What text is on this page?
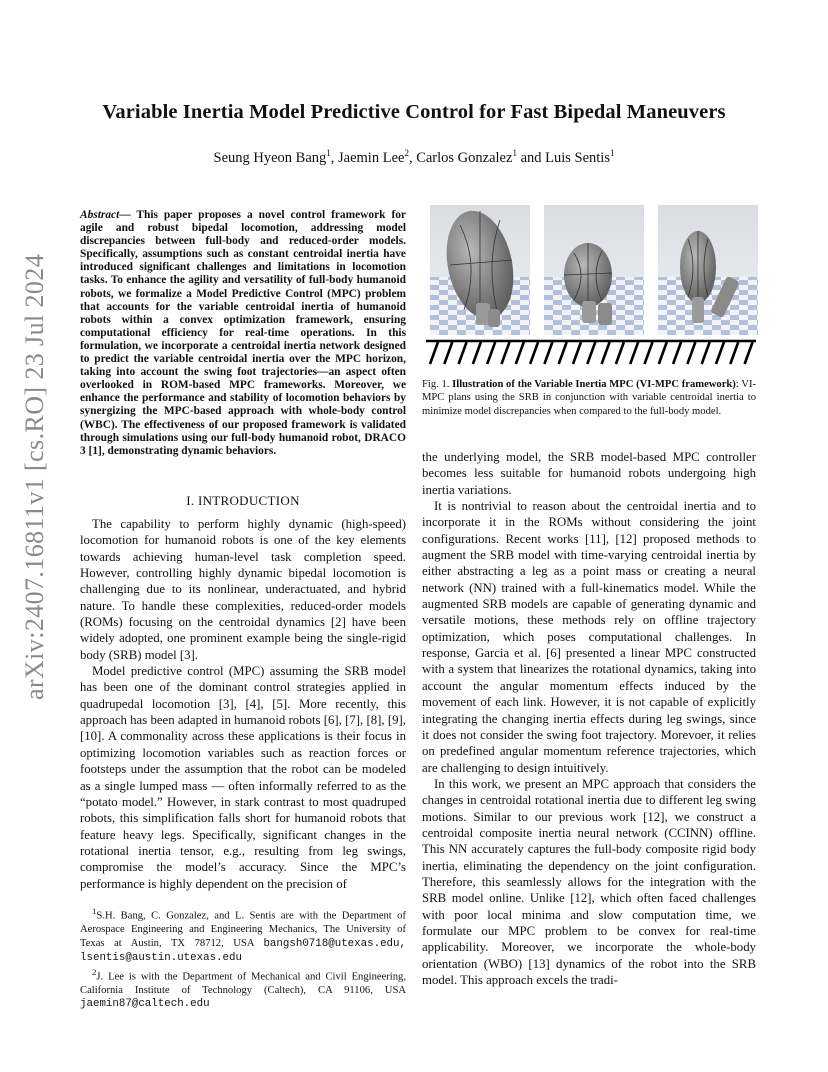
Variable Inertia Model Predictive Control for Fast Bipedal Maneuvers
Seung Hyeon Bang$^1$, Jaemin Lee$^2$, Carlos Gonzalez$^1$ and Luis Sentis$^1$
arXiv:2407.16811v1 [cs.RO] 23 Jul 2024
Abstract— This paper proposes a novel control framework for agile and robust bipedal locomotion, addressing model discrepancies between full-body and reduced-order models. Specifically, assumptions such as constant centroidal inertia have introduced significant challenges and limitations in locomotion tasks. To enhance the agility and versatility of full-body humanoid robots, we formalize a Model Predictive Control (MPC) problem that accounts for the variable centroidal inertia of humanoid robots within a convex optimization framework, ensuring computational efficiency for real-time operations. In this formulation, we incorporate a centroidal inertia network designed to predict the variable centroidal inertia over the MPC horizon, taking into account the swing foot trajectories—an aspect often overlooked in ROM-based MPC frameworks. Moreover, we enhance the performance and stability of locomotion behaviors by synergizing the MPC-based approach with whole-body control (WBC). The effectiveness of our proposed framework is validated through simulations using our full-body humanoid robot, DRACO 3 [1], demonstrating dynamic behaviors.
I. INTRODUCTION

The capability to perform highly dynamic (high-speed) locomotion for humanoid robots is one of the key elements towards achieving human-level task completion speed. However, controlling highly dynamic bipedal locomotion is challenging due to its nonlinear, underactuated, and hybrid nature. To handle these complexities, reduced-order models (ROMs) focusing on the centroidal dynamics [2] have been widely adopted, one prominent example being the single-rigid body (SRB) model [3].

Model predictive control (MPC) assuming the SRB model has been one of the dominant control strategies applied in quadrupedal locomotion [3], [4], [5]. More recently, this approach has been adapted in humanoid robots [6], [7], [8], [9], [10]. A commonality across these applications is their focus in optimizing locomotion variables such as reaction forces or footsteps under the assumption that the robot can be modeled as a single lumped mass — often informally referred to as the “potato model.” However, in stark contrast to most quadruped robots, this simplification falls short for humanoid robots that feature heavy legs. Specifically, significant changes in the rotational inertia tensor, e.g., resulting from leg swings, compromise the model’s accuracy. Since the MPC’s performance is highly dependent on the precision of

$^1$S.H. Bang, C. Gonzalez, and L. Sentis are with the Department of Aerospace Engineering and Engineering Mechanics, The University of Texas at Austin, TX 78712, USA bangsh0718@utexas.edu, lsentis@austin.utexas.edu

$^2$J. Lee is with the Department of Mechanical and Civil Engineering, California Institute of Technology (Caltech), CA 91106, USA jaemin87@caltech.edu

Fig. 1. Illustration of the Variable Inertia MPC (VI-MPC framework): VI-MPC plans using the SRB in conjunction with variable centroidal inertia to minimize model discrepancies when compared to the full-body model.

the underlying model, the SRB model-based MPC controller becomes less suitable for humanoid robots undergoing high inertia variations.

It is nontrivial to reason about the centroidal inertia and to incorporate it in the ROMs without considering the joint configurations. Recent works [11], [12] proposed methods to augment the SRB model with time-varying centroidal inertia by either abstracting a leg as a point mass or creating a neural network (NN) trained with a full-kinematics model. While the augmented SRB models are capable of generating dynamic and versatile motions, these methods rely on offline trajectory optimization, which poses computational challenges. In response, Garcia et al. [6] presented a linear MPC constructed with a system that linearizes the rotational dynamics, taking into account the angular momentum effects induced by the movement of each link. However, it is not capable of explicitly integrating the changing inertia effects during leg swings, since it does not consider the swing foot trajectory. Morevoer, it relies on predefined angular momentum reference trajectories, which are challenging to design intuitively.

In this work, we present an MPC approach that considers the changes in centroidal rotational inertia due to different leg swing motions. Similar to our previous work [12], we construct a centroidal composite inertia neural network (CCINN) offline. This NN accurately captures the full-body composite rigid body inertia, eliminating the dependency on the joint configuration. Therefore, this seamlessly allows for the integration with the SRB model online. Unlike [12], which often faced challenges with poor local minima and slow computation time, we formulate our MPC problem to be convex for real-time applicability. Moreover, we incorporate the whole-body orientation (WBO) [13] dynamics of the robot into the SRB model. This approach excels the tradi-
